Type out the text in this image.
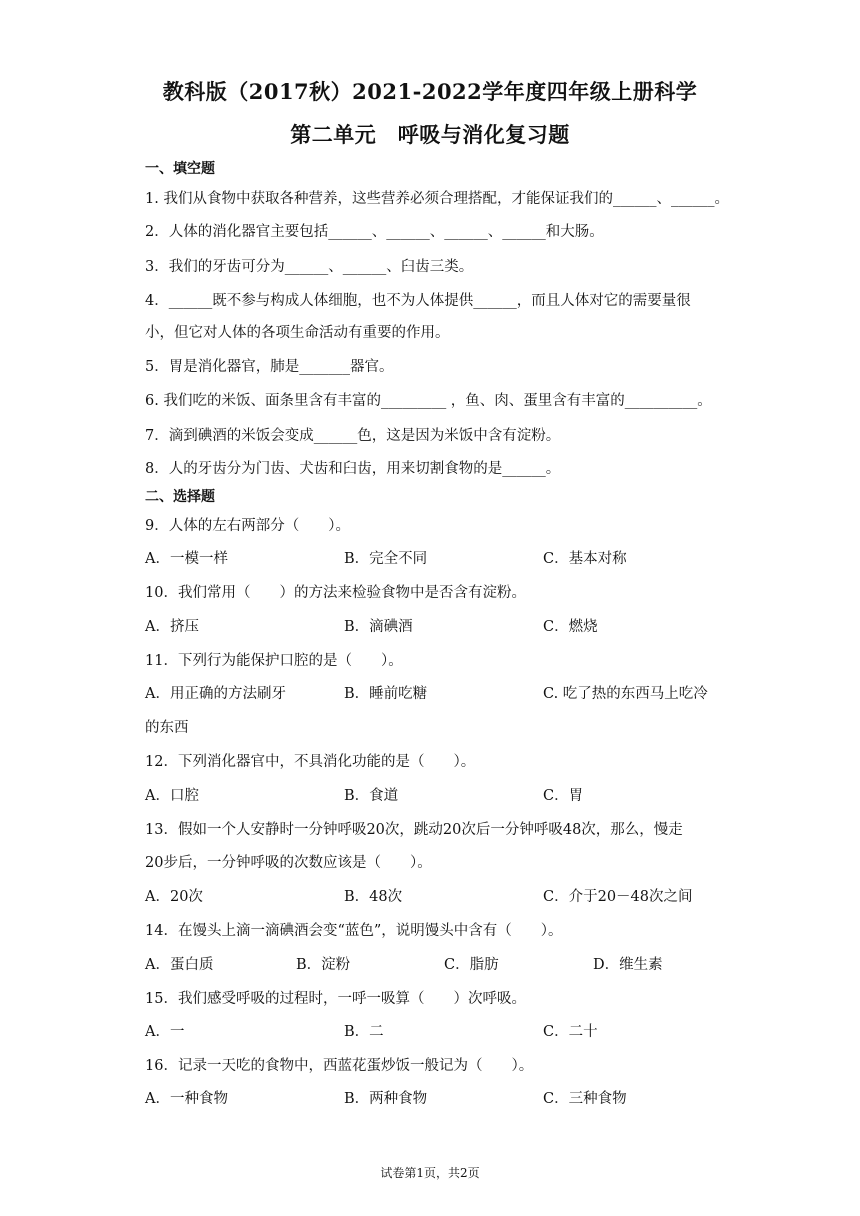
教科版（2017秋）2021-2022学年度四年级上册科学
第二单元　呼吸与消化复习题
一、填空题
1. 我们从食物中获取各种营养，这些营养必须合理搭配，才能保证我们的______、______。
2．人体的消化器官主要包括______、______、______、______和大肠。
3．我们的牙齿可分为______、______、臼齿三类。
4．______既不参与构成人体细胞，也不为人体提供______，而且人体对它的需要量很
小，但它对人体的各项生命活动有重要的作用。
5．胃是消化器官，肺是_______器官。
6. 我们吃的米饭、面条里含有丰富的_________ ，鱼、肉、蛋里含有丰富的__________。
7．滴到碘酒的米饭会变成______色，这是因为米饭中含有淀粉。
8．人的牙齿分为门齿、犬齿和臼齿，用来切割食物的是______。
二、选择题
9．人体的左右两部分（　　）。
A．一模一样	B．完全不同	C．基本对称
10．我们常用（　　）的方法来检验食物中是否含有淀粉。
A．挤压	B．滴碘酒	C．燃烧
11．下列行为能保护口腔的是（　　）。
A．用正确的方法刷牙	B．睡前吃糖	C. 吃了热的东西马上吃冷
的东西
12．下列消化器官中，不具消化功能的是（　　）。
A．口腔	B．食道	C．胃
13．假如一个人安静时一分钟呼吸20次，跳动20次后一分钟呼吸48次，那么，慢走
20步后，一分钟呼吸的次数应该是（　　）。
A．20次	B．48次	C．介于20－48次之间
14．在馒头上滴一滴碘酒会变“蓝色”，说明馒头中含有（　　）。
A．蛋白质	B．淀粉	C．脂肪	D．维生素
15．我们感受呼吸的过程时，一呼一吸算（　　）次呼吸。
A．一	B．二	C．二十
16．记录一天吃的食物中，西蓝花蛋炒饭一般记为（　　）。
A．一种食物	B．两种食物	C．三种食物
试卷第1页，共2页
